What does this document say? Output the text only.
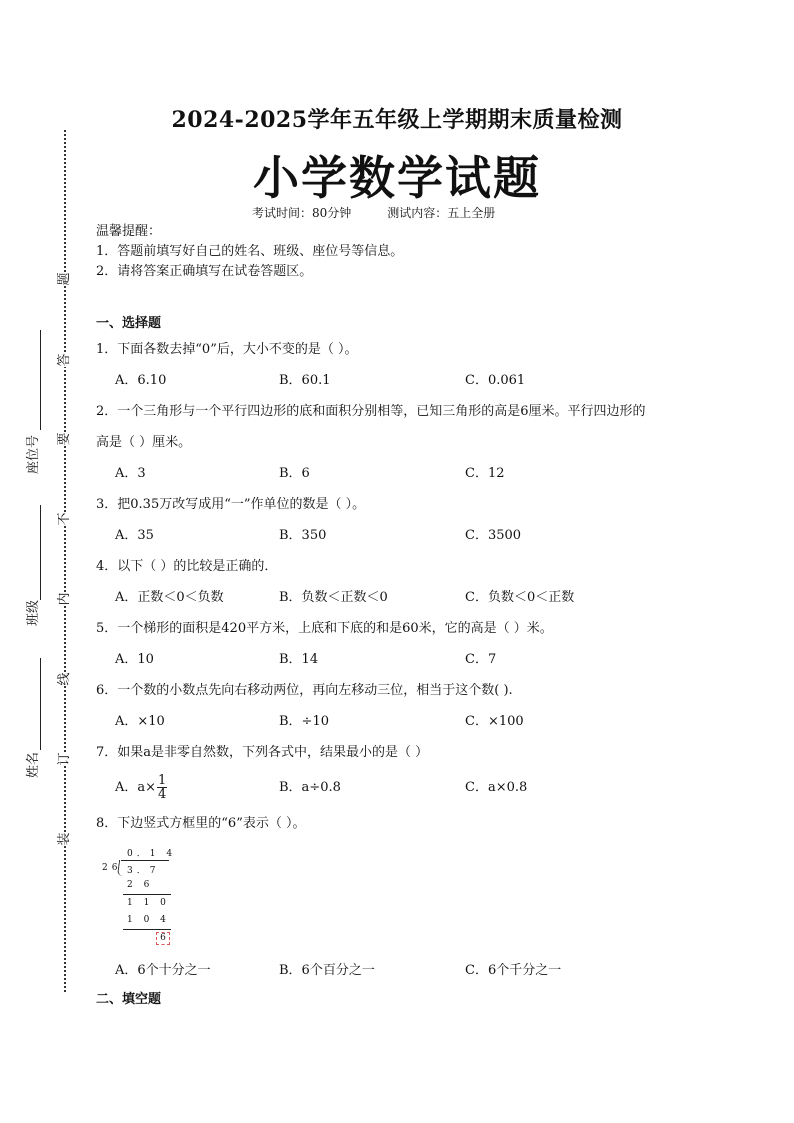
题
答
要
不
内
线
订
装
座位号
班级
姓名
2024-2025学年五年级上学期期末质量检测
小学数学试题
考试时间：80分钟	测试内容：五上全册
温馨提醒：
1．答题前填写好自己的姓名、班级、座位号等信息。
2．请将答案正确填写在试卷答题区。
一、选择题
1．下面各数去掉“0”后，大小不变的是（ ）。
A．6.10	B．60.1	C．0.061
2．一个三角形与一个平行四边形的底和面积分别相等，已知三角形的高是6厘米。平行四边形的
高是（ ）厘米。
A．3	B．6	C．12
3．把0.35万改写成用“一”作单位的数是（ ）。
A．35	B．350	C．3500
4．以下（ ）的比较是正确的．
A．正数＜0＜负数	B．负数＜正数＜0	C．负数＜0＜正数
5．一个梯形的面积是420平方米，上底和下底的和是60米，它的高是（ ）米。
A．10	B．14	C．7
6．一个数的小数点先向右移动两位，再向左移动三位，相当于这个数( ).
A．×10	B．÷10	C．×100
7．如果a是非零自然数，下列各式中，结果最小的是（ ）
A．$a\times \frac{1}{4}$	B．a÷0.8	C．a×0.8
8．下边竖式方框里的“6”表示（ ）。
0．1 4
26 3．7
2 6
1 1 0
1 0 4
6
A．6个十分之一	B．6个百分之一	C．6个千分之一
二、填空题
